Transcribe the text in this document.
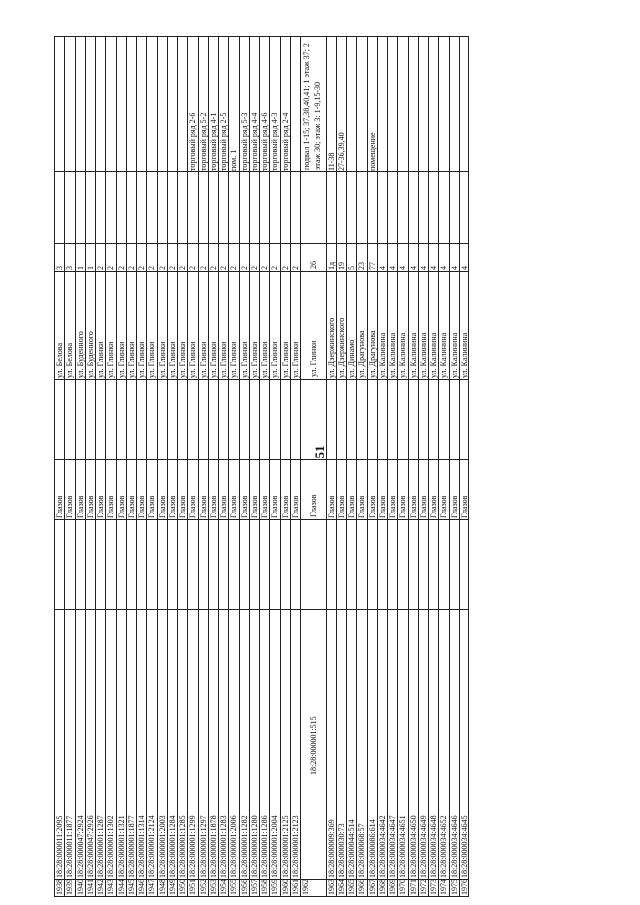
51
3
ул. Белова
Глазов
18:28:000011:2095
1938
3
ул. Белова
Глазов
18:28:000011:1877
1939
1
ул. Буденного
Глазов
18:28:000047:2924
1940
1
ул. Буденного
Глазов
18:28:000047:2926
1941
2
ул. Глинки
Глазов
18:28:000001:1287
1942
2
ул. Глинки
Глазов
18:28:000001:1302
1943
2
ул. Глинки
Глазов
18:28:000001:1321
1944
2
ул. Глинки
Глазов
18:28:000001:1877
1945
2
ул. Глинки
Глазов
18:28:000001:1314
1946
2
ул. Глинки
Глазов
18:28:000001:2124
1947
2
ул. Глинки
Глазов
18:28:000001:2003
1948
2
ул. Глинки
Глазов
18:28:000001:1284
1949
2
ул. Глинки
Глазов
18:28:000001:1285
1950
торговый ряд 2-6
2
ул. Глинки
Глазов
18:28:000001:1299
1951
торговый ряд 5-2
2
ул. Глинки
Глазов
18:28:000001:1297
1952
торговый ряд 4-1
2
ул. Глинки
Глазов
18:28:000001:1878
1953
торговый ряд 2-5
2
ул. Глинки
Глазов
18:28:000001:1283
1954
пом. 1
2
ул. Глинки
Глазов
18:28:000001:2006
1955
торговый ряд 5-3
2
ул. Глинки
Глазов
18:28:000001:1282
1956
торговый ряд 4-4
2
ул. Глинки
Глазов
18:28:000001:1280
1957
торговый ряд 4-6
2
ул. Глинки
Глазов
18:28:000001:1286
1958
торговый ряд 4-3
2
ул. Глинки
Глазов
18:28:000001:2004
1959
торговый ряд 2-4
2
ул. Глинки
Глазов
18:28:000001:2125
1960
2
ул. Глинки
Глазов
18:28:000001:2123
1961
подвал 1-15; 37,38,40,41; 1 этаж 37; 2 этаж 30; этаж 3: 1-9,15-30
26
ул. Глинки
Глазов
18:28:000001:515
1962
11-38
1д
ул. Дзержинского
Глазов
18:28:000009:369
1963
27-36,39,40
19
ул. Дзержинского
Глазов
18:28:000030:73
1964
5
ул. Динамо
Глазов
18:28:000044:514
1965
23
ул. Драгунова
Глазов
18:28:000068:57
1966
помещение
77
ул. Драгунова
Глазов
18:28:000086:614
1967
4
ул. Калинина
Глазов
18:28:000034:4642
1968
4
ул. Калинина
Глазов
18:28:000034:4647
1969
4
ул. Калинина
Глазов
18:28:000034:4651
1970
4
ул. Калинина
Глазов
18:28:000034:4650
1971
4
ул. Калинина
Глазов
18:28:000034:4649
1972
4
ул. Калинина
Глазов
18:28:000034:4648
1973
4
ул. Калинина
Глазов
18:28:000034:4652
1974
4
ул. Калинина
Глазов
18:28:000034:4646
1975
4
ул. Калинина
Глазов
18:28:000034:4645
1976
